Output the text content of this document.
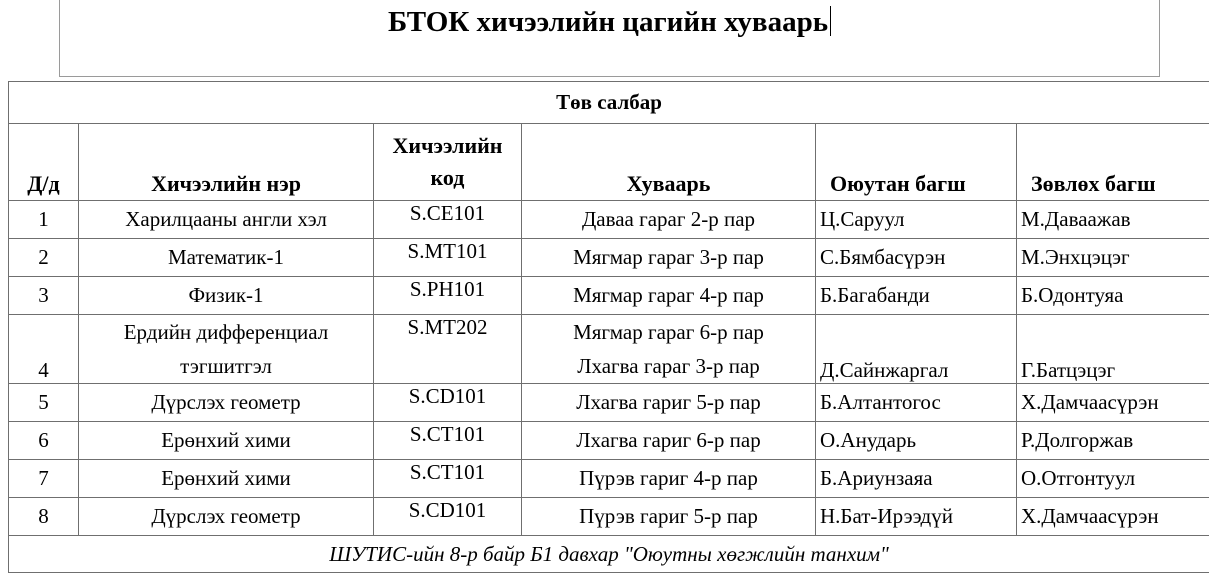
БТОК хичээлийн цагийн хуваарь
Төв салбар					
Д/д	Хичээлийн нэр	Хичээлийн код	Хуваарь	Оюутан багш	Зөвлөх багш
1	Харилцааны англи хэл	S.CE101	Даваа гараг 2-р пар	Ц.Саруул	М.Даваажав
2	Математик-1	S.MT101	Мягмар гараг 3-р пар	С.Бямбасүрэн	М.Энхцэцэг
3	Физик-1	S.PH101	Мягмар гараг 4-р пар	Б.Багабанди	Б.Одонтуяа
4	Ердийн дифференциал тэгшитгэл	S.MT202	Мягмар гараг 6-р пар
Лхагва гараг 3-р пар	Д.Сайнжаргал	Г.Батцэцэг
5	Дүрслэх геометр	S.CD101	Лхагва гариг 5-р пар	Б.Алтантогос	Х.Дамчаасүрэн
6	Ерөнхий хими	S.CT101	Лхагва гариг 6-р пар	О.Анударь	Р.Долгоржав
7	Ерөнхий хими	S.CT101	Пүрэв гариг 4-р пар	Б.Ариунзаяа	О.Отгонтуул
8	Дүрслэх геометр	S.CD101	Пүрэв гариг 5-р пар	Н.Бат-Ирээдүй	Х.Дамчаасүрэн
ШУТИС-ийн 8-р байр Б1 давхар "Оюутны хөгжлийн танхим"					
